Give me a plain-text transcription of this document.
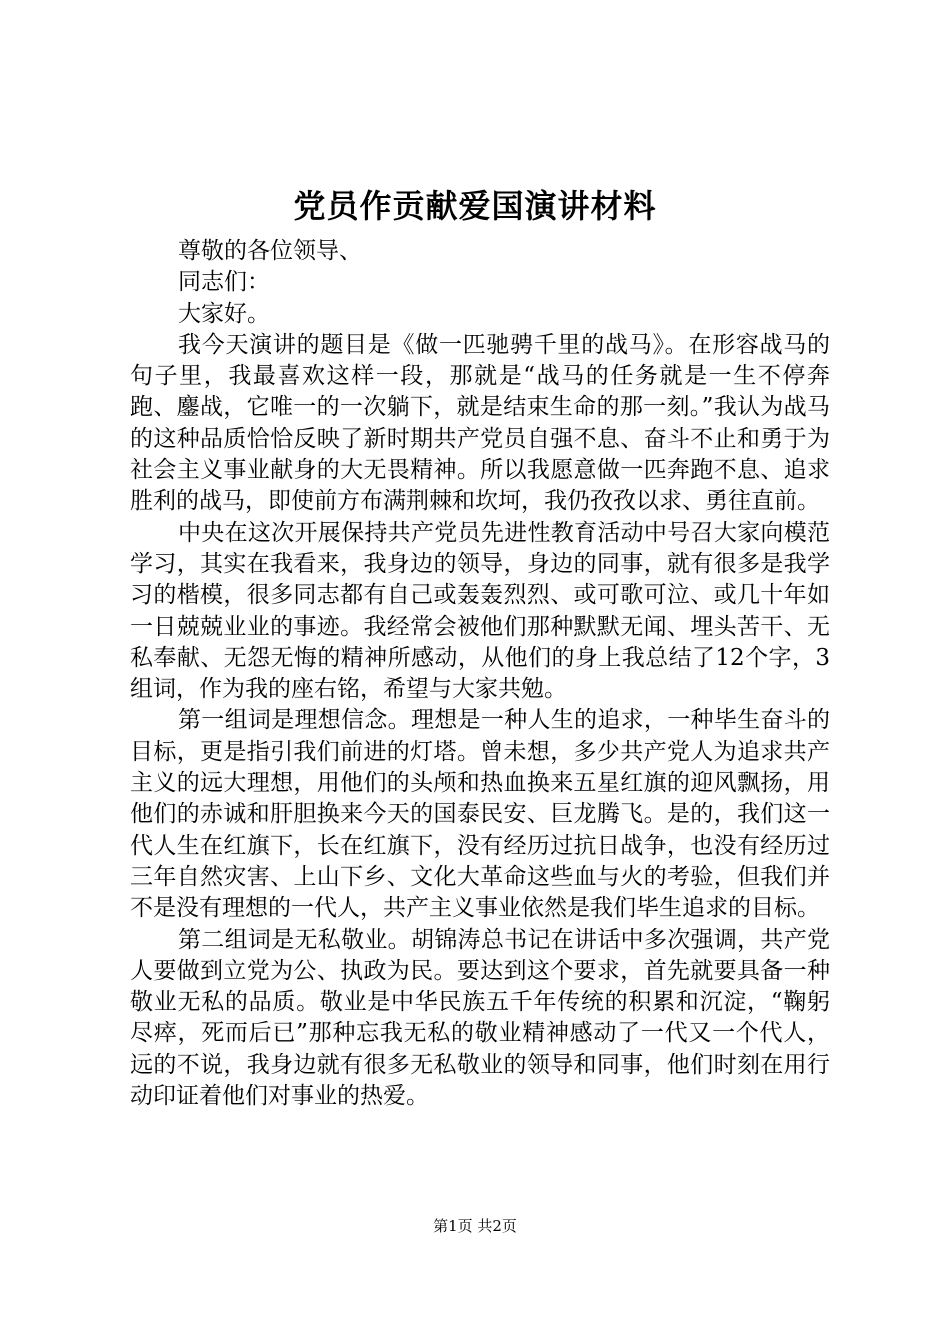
党员作贡献爱国演讲材料

尊敬的各位领导、

同志们：

大家好。

我今天演讲的题目是《做一匹驰骋千里的战马》。在形容战马的句子里，我最喜欢这样一段，那就是“战马的任务就是一生不停奔跑、鏖战，它唯一的一次躺下，就是结束生命的那一刻。”我认为战马的这种品质恰恰反映了新时期共产党员自强不息、奋斗不止和勇于为社会主义事业献身的大无畏精神。所以我愿意做一匹奔跑不息、追求胜利的战马，即使前方布满荆棘和坎坷，我仍孜孜以求、勇往直前。

中央在这次开展保持共产党员先进性教育活动中号召大家向模范学习，其实在我看来，我身边的领导，身边的同事，就有很多是我学习的楷模，很多同志都有自己或轰轰烈烈、或可歌可泣、或几十年如一日兢兢业业的事迹。我经常会被他们那种默默无闻、埋头苦干、无私奉献、无怨无悔的精神所感动，从他们的身上我总结了12个字，3组词，作为我的座右铭，希望与大家共勉。

第一组词是理想信念。理想是一种人生的追求，一种毕生奋斗的目标，更是指引我们前进的灯塔。曾未想，多少共产党人为追求共产主义的远大理想，用他们的头颅和热血换来五星红旗的迎风飘扬，用他们的赤诚和肝胆换来今天的国泰民安、巨龙腾飞。是的，我们这一代人生在红旗下，长在红旗下，没有经历过抗日战争，也没有经历过三年自然灾害、上山下乡、文化大革命这些血与火的考验，但我们并不是没有理想的一代人，共产主义事业依然是我们毕生追求的目标。

第二组词是无私敬业。胡锦涛总书记在讲话中多次强调，共产党人要做到立党为公、执政为民。要达到这个要求，首先就要具备一种敬业无私的品质。敬业是中华民族五千年传统的积累和沉淀，“鞠躬尽瘁，死而后已”那种忘我无私的敬业精神感动了一代又一个代人，远的不说，我身边就有很多无私敬业的领导和同事，他们时刻在用行动印证着他们对事业的热爱。

第1页 共2页
